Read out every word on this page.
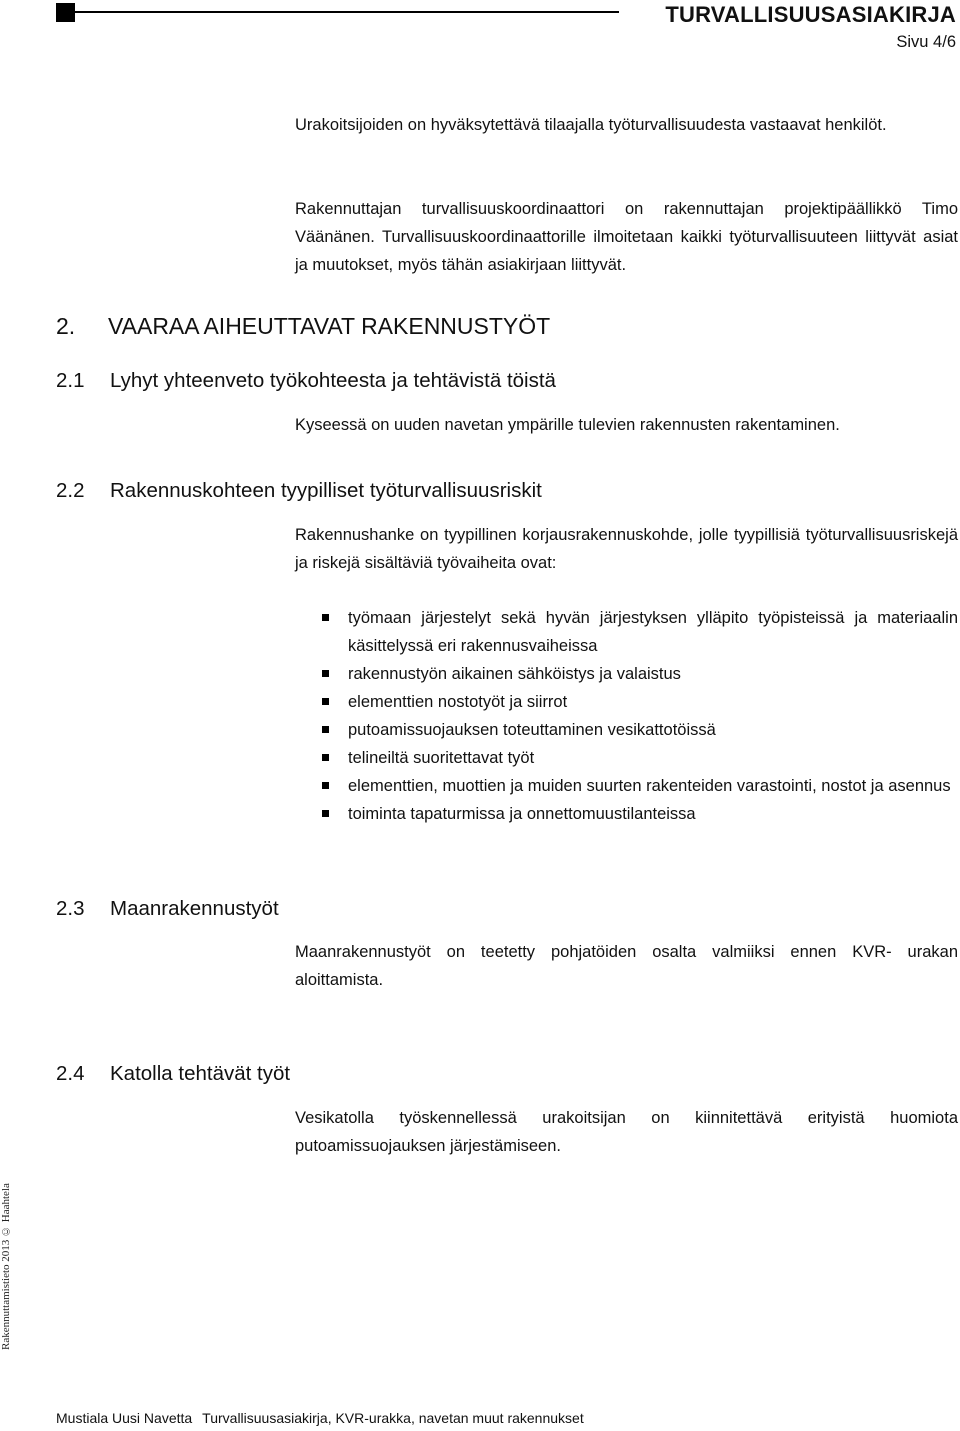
TURVALLISUUSASIAKIRJA
Sivu 4/6

Urakoitsijoiden on hyväksytettävä tilaajalla työturvallisuudesta vastaavat henkilöt.

Rakennuttajan turvallisuuskoordinaattori on rakennuttajan projektipäällikkö Timo Väänänen. Turvallisuuskoordinaattorille ilmoitetaan kaikki työturvallisuuteen liittyvät asiat ja muutokset, myös tähän asiakirjaan liittyvät.

2. VAARAA AIHEUTTAVAT RAKENNUSTYÖT
2.1 Lyhyt yhteenveto työkohteesta ja tehtävistä töistä

Kyseessä on uuden navetan ympärille tulevien rakennusten rakentaminen.

2.2 Rakennuskohteen tyypilliset työturvallisuusriskit

Rakennushanke on tyypillinen korjausrakennuskohde, jolle tyypillisiä työturvallisuusriskejä ja riskejä sisältäviä työvaiheita ovat:

työmaan järjestelyt sekä hyvän järjestyksen ylläpito työpisteissä ja materiaalin käsittelyssä eri rakennusvaiheissa
rakennustyön aikainen sähköistys ja valaistus
elementtien nostotyöt ja siirrot
putoamissuojauksen toteuttaminen vesikattotöissä
telineiltä suoritettavat työt
elementtien, muottien ja muiden suurten rakenteiden varastointi, nostot ja asennus
toiminta tapaturmissa ja onnettomuustilanteissa
2.3 Maanrakennustyöt

Maanrakennustyöt on teetetty pohjatöiden osalta valmiiksi ennen KVR- urakan aloittamista.

2.4 Katolla tehtävät työt

Vesikatolla työskennellessä urakoitsijan on kiinnitettävä erityistä huomiota putoamissuojauksen järjestämiseen.

Rakennuttamistieto 2013 © Haahtela
Mustiala Uusi Navetta Turvallisuusasiakirja, KVR-urakka, navetan muut rakennukset
